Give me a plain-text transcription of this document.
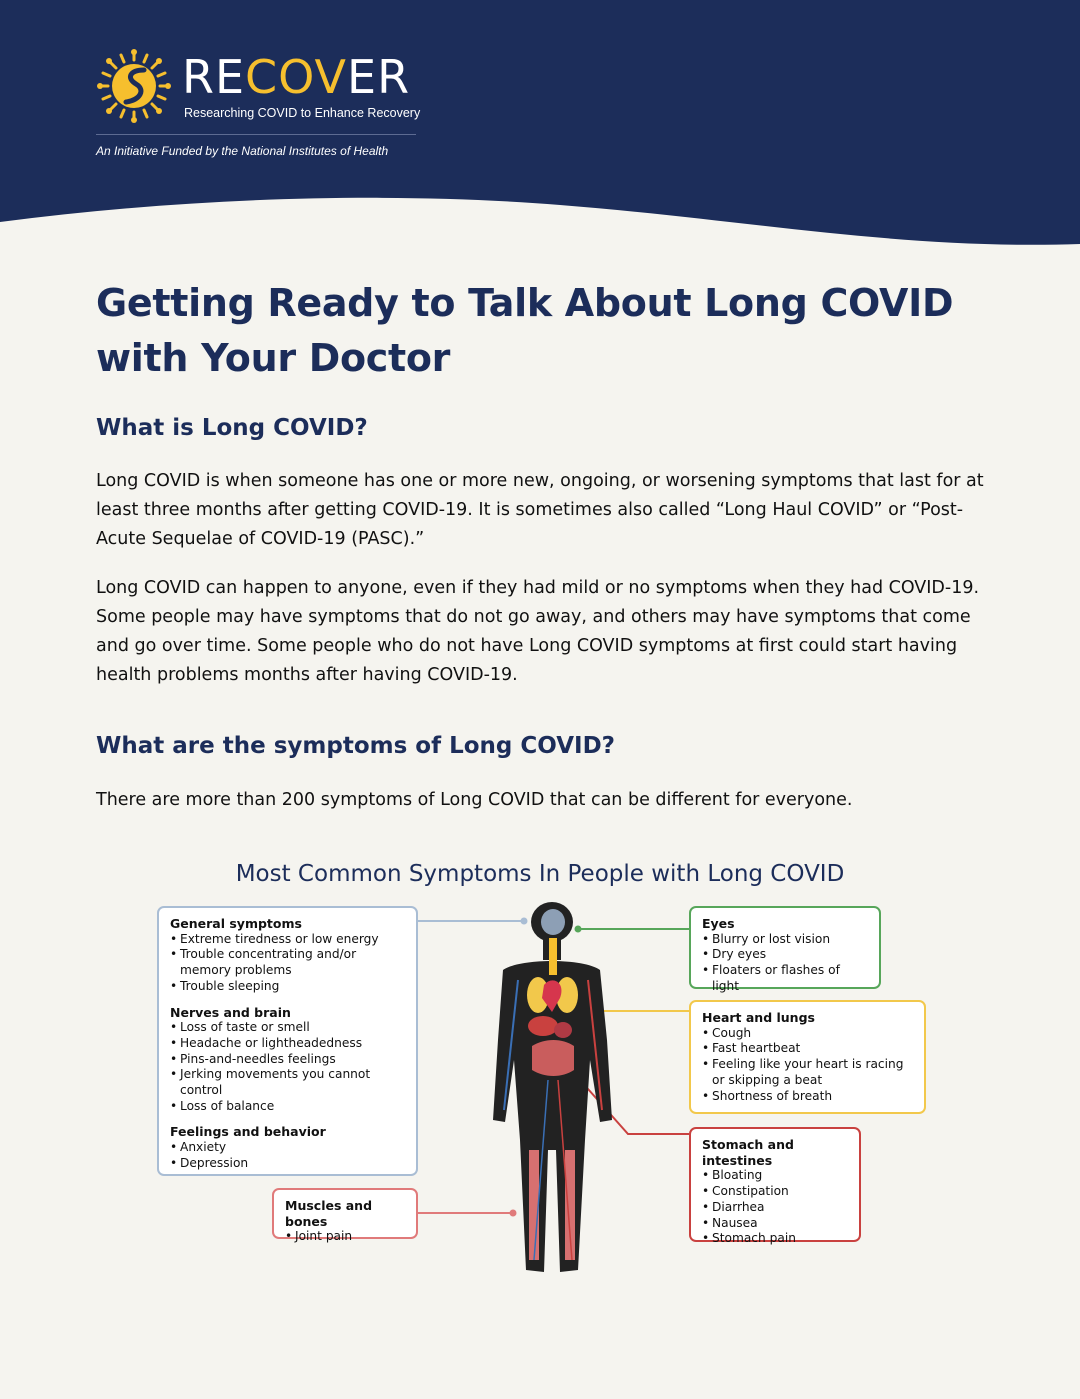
RECOVER
Researching COVID to Enhance Recovery
An Initiative Funded by the National Institutes of Health
Getting Ready to Talk About Long COVID with Your Doctor
What is Long COVID?

Long COVID is when someone has one or more new, ongoing, or worsening symptoms that last for at least three months after getting COVID-19. It is sometimes also called “Long Haul COVID” or “Post-Acute Sequelae of COVID-19 (PASC).”

Long COVID can happen to anyone, even if they had mild or no symptoms when they had COVID-19. Some people may have symptoms that do not go away, and others may have symptoms that come and go over time. Some people who do not have Long COVID symptoms at first could start having health problems months after having COVID-19.

What are the symptoms of Long COVID?

There are more than 200 symptoms of Long COVID that can be different for everyone.

Most Common Symptoms In People with Long COVID
General symptoms
• Extreme tiredness or low energy
• Trouble concentrating and/or memory problems
• Trouble sleeping
Nerves and brain
• Loss of taste or smell
• Headache or lightheadedness
• Pins-and-needles feelings
• Jerking movements you cannot control
• Loss of balance
Feelings and behavior
• Anxiety
• Depression
Muscles and bones
• Joint pain
Eyes
• Blurry or lost vision
• Dry eyes
• Floaters or flashes of light
Heart and lungs
• Cough
• Fast heartbeat
• Feeling like your heart is racing or skipping a beat
• Shortness of breath
Stomach and intestines
• Bloating
• Constipation
• Diarrhea
• Nausea
• Stomach pain
